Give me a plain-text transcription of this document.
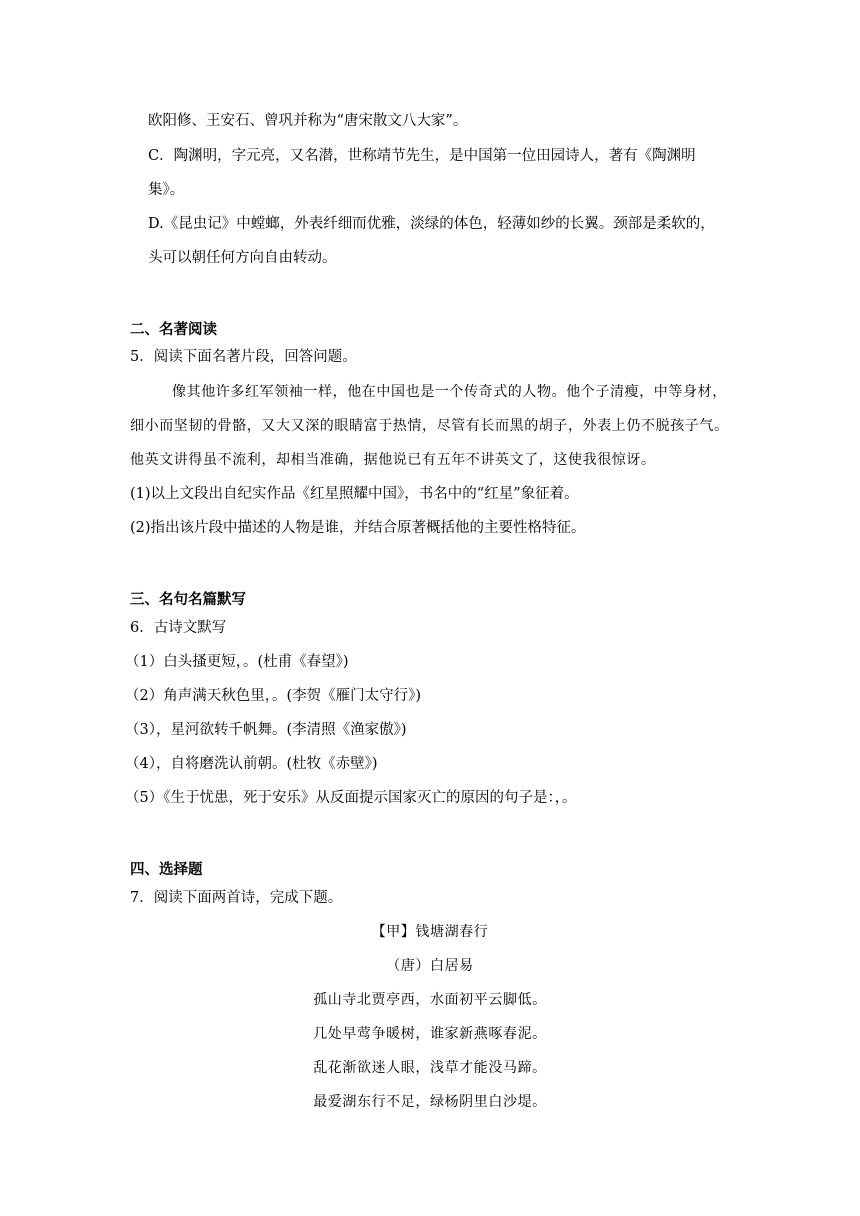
欧阳修、王安石、曾巩并称为“唐宋散文八大家”。
C．陶渊明，字元亮，又名潜，世称靖节先生，是中国第一位田园诗人，著有《陶渊明
集》。
D.《昆虫记》中螳螂，外表纤细而优雅，淡绿的体色，轻薄如纱的长翼。颈部是柔软的，
头可以朝任何方向自由转动。
二、名著阅读
5．阅读下面名著片段，回答问题。
像其他许多红军领袖一样，他在中国也是一个传奇式的人物。他个子清瘦，中等身材，
细小而坚韧的骨骼，又大又深的眼睛富于热情，尽管有长而黑的胡子，外表上仍不脱孩子气。
他英文讲得虽不流利，却相当准确，据他说已有五年不讲英文了，这使我很惊讶。
(1)以上文段出自纪实作品《红星照耀中国》，书名中的“红星”象征着。
(2)指出该片段中描述的人物是谁，并结合原著概括他的主要性格特征。
三、名句名篇默写
6．古诗文默写
（1）白头搔更短，。(杜甫《春望》)
（2）角声满天秋色里，。(李贺《雁门太守行》)
（3），星河欲转千帆舞。(李清照《渔家傲》)
（4），自将磨洗认前朝。(杜牧《赤壁》)
（5）《生于忧患，死于安乐》从反面提示国家灭亡的原因的句子是：，。
四、选择题
7．阅读下面两首诗，完成下题。
【甲】钱塘湖春行
（唐）白居易
孤山寺北贾亭西，水面初平云脚低。
几处早莺争暖树，谁家新燕啄春泥。
乱花渐欲迷人眼，浅草才能没马蹄。
最爱湖东行不足，绿杨阴里白沙堤。
